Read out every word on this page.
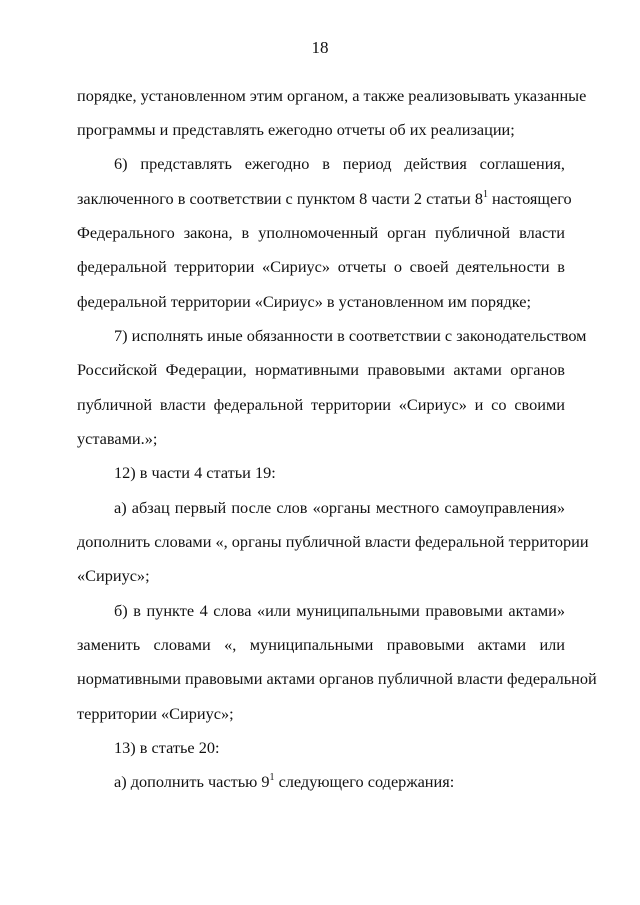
18
порядке, установленном этим органом, а также реализовывать указанные
программы и представлять ежегодно отчеты об их реализации;
6) представлять ежегодно в период действия соглашения,
заключенного в соответствии с пунктом 8 части 2 статьи $8^1$ настоящего
Федерального закона, в уполномоченный орган публичной власти
федеральной территории «Сириус» отчеты о своей деятельности в
федеральной территории «Сириус» в установленном им порядке;
7) исполнять иные обязанности в соответствии с законодательством
Российской Федерации, нормативными правовыми актами органов
публичной власти федеральной территории «Сириус» и со своими
уставами.»;
12) в части 4 статьи 19:
а) абзац первый после слов «органы местного самоуправления»
дополнить словами «, органы публичной власти федеральной территории
«Сириус»;
б) в пункте 4 слова «или муниципальными правовыми актами»
заменить словами «, муниципальными правовыми актами или
нормативными правовыми актами органов публичной власти федеральной
территории «Сириус»;
13) в статье 20:
а) дополнить частью $9^1$ следующего содержания:
